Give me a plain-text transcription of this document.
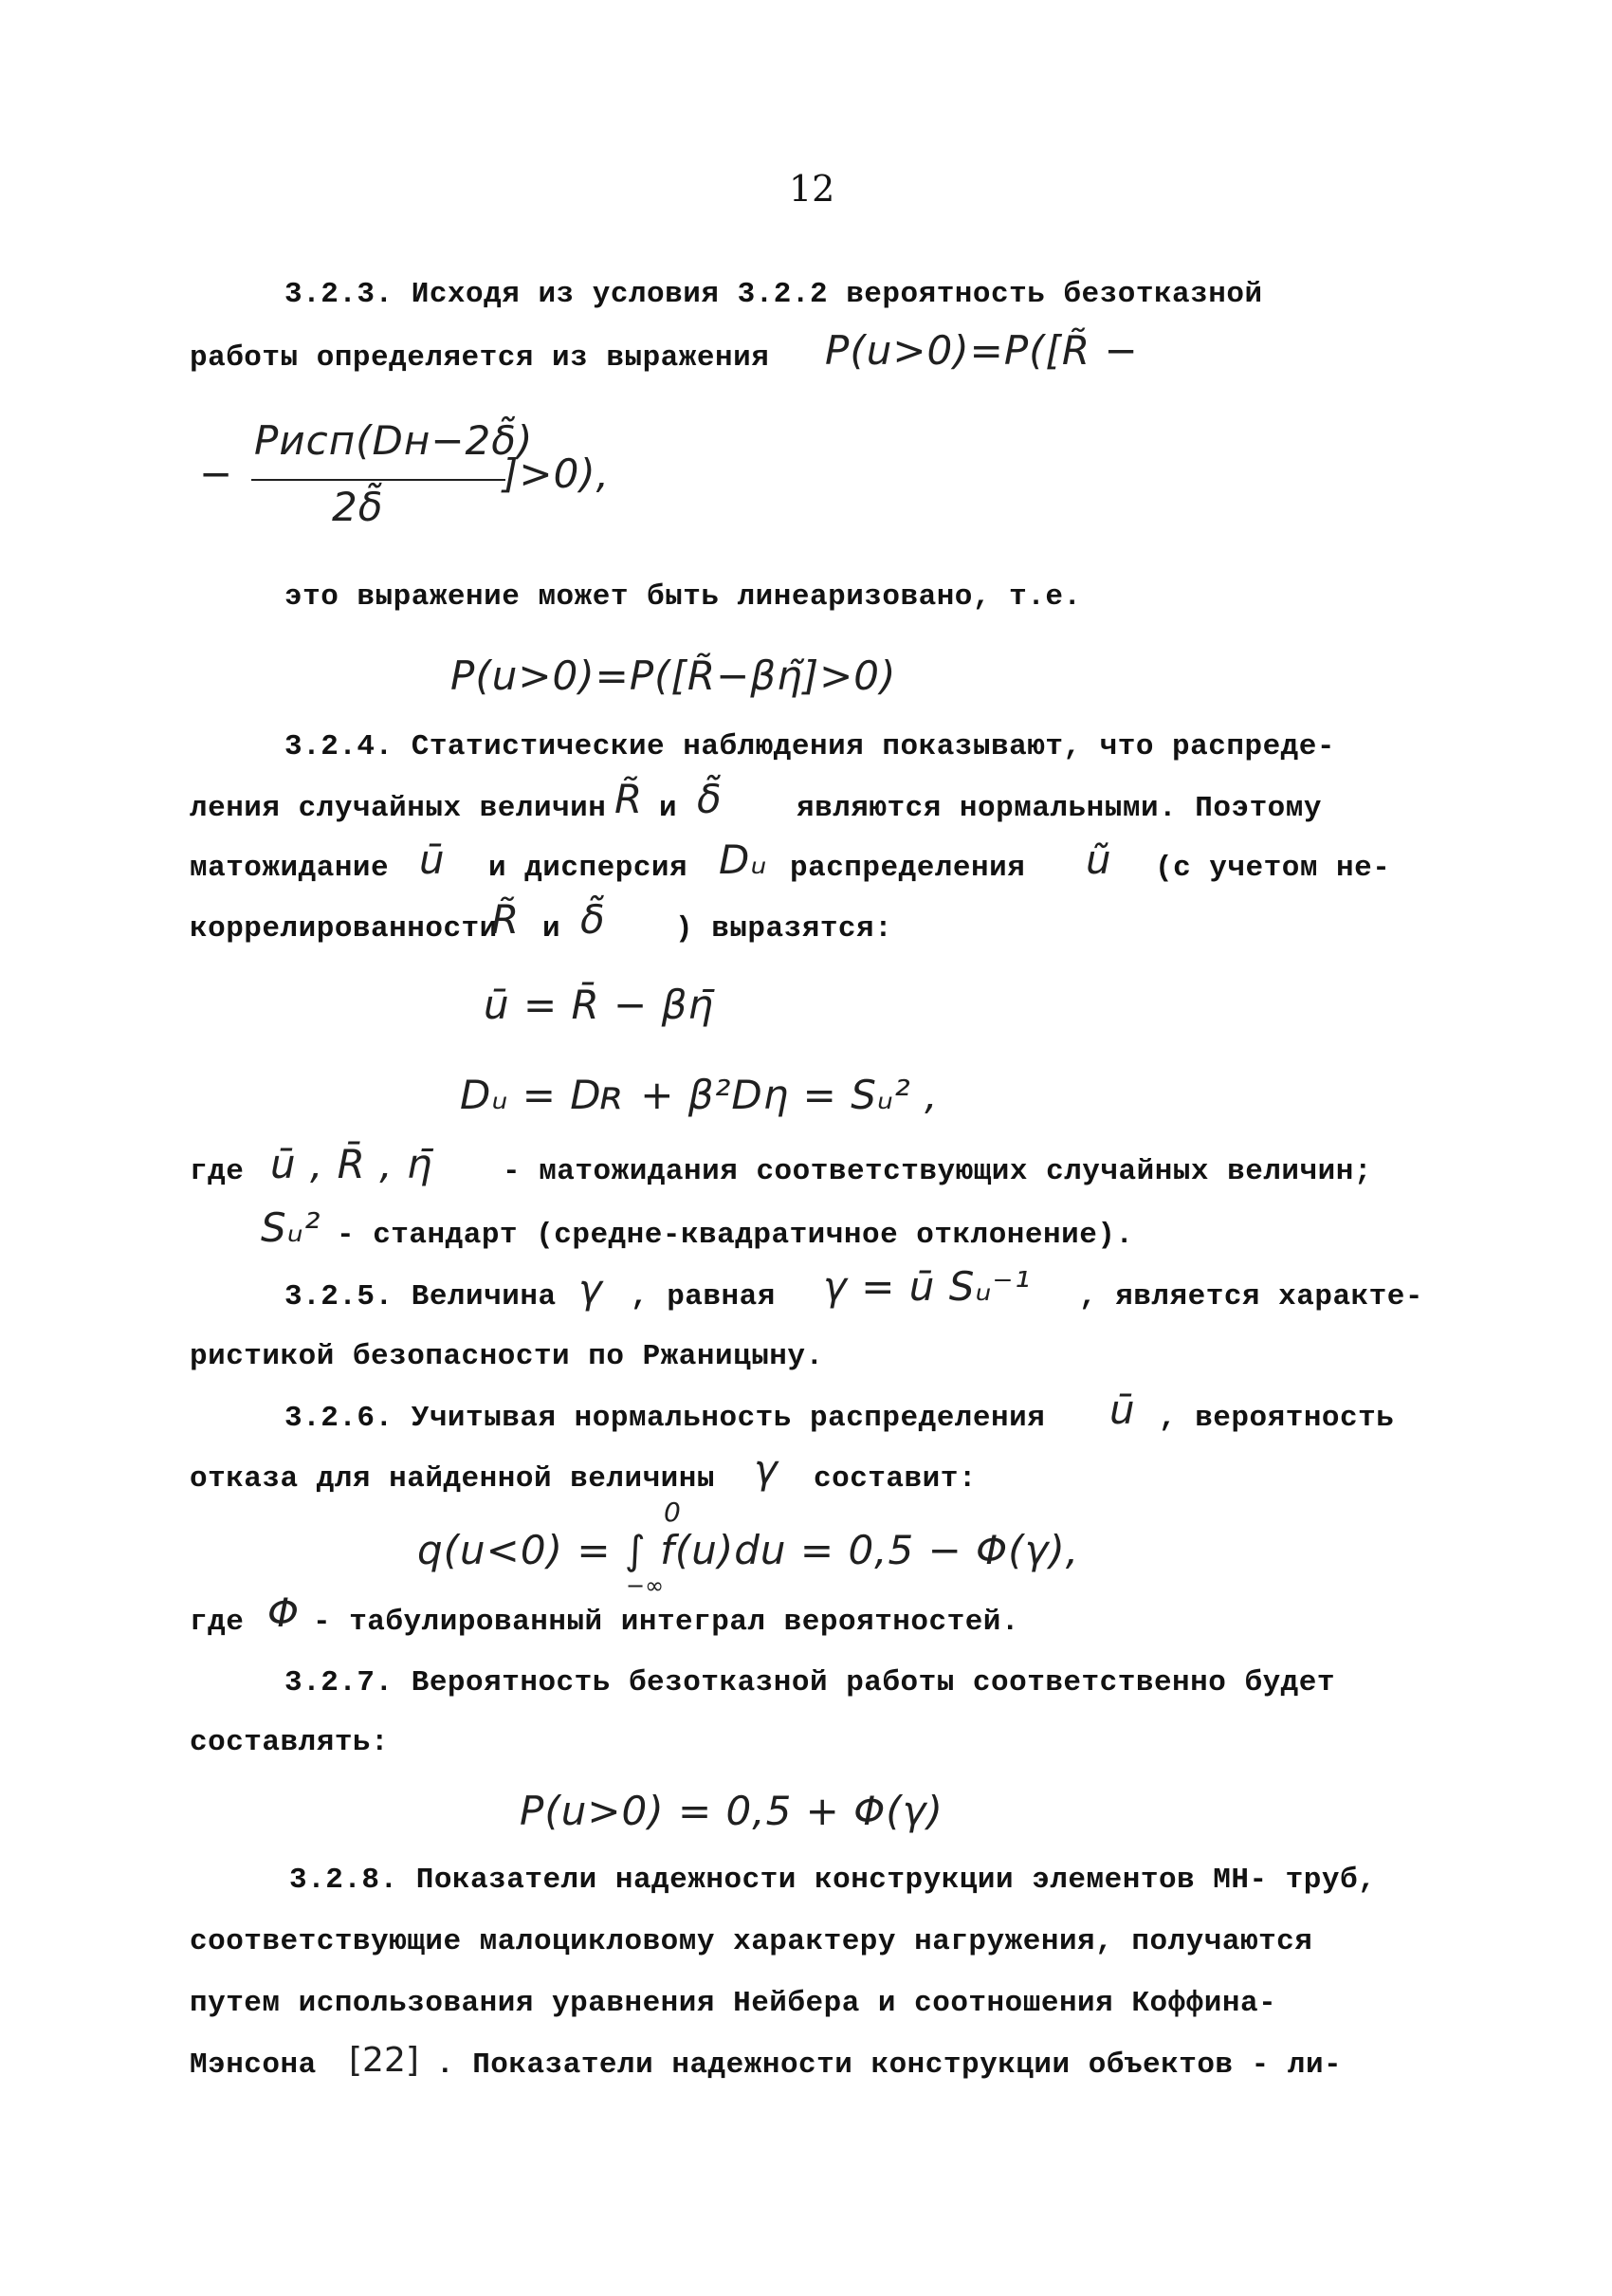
12
3.2.3. Исходя из условия 3.2.2 вероятность безотказной
работы определяется из выражения P(u>0)=P([R̃ −
−
Pисп(Dн−2δ̃)
2δ̃
]>0),
это выражение может быть линеаризовано, т.е.
P(u>0)=P([R̃−βη̃]>0)
3.2.4. Статистические наблюдения показывают, что распреде-
ления случайных величин R̃ и δ̃	являются нормальными. Поэтому
матожидание ū и дисперсия Dᵤ распределения ũ (с учетом не-
коррелированности
R̃ и δ̃ ) выразятся:
ū = R̄ − βη̄
Dᵤ = Dʀ + β²Dη = Sᵤ² ,
где ū , R̄ , η̄ - матожидания соответствующих случайных величин;
Sᵤ² - стандарт (средне-квадратичное отклонение).
3.2.5. Величина γ , равная γ = ū Sᵤ⁻¹ , является характе-
ристикой безопасности по Ржаницыну.
3.2.6. Учитывая нормальность распределения ū , вероятность
отказа для найденной величины γ составит:
0
q(u<0) = ∫ f(u)du = 0,5 − Φ(γ),
−∞
где Φ - табулированный интеграл вероятностей.
3.2.7. Вероятность безотказной работы соответственно будет
составлять:
P(u>0) = 0,5 + Φ(γ)
3.2.8. Показатели надежности конструкции элементов МН- труб,
соответствующие малоцикловому характеру нагружения, получаются
путем использования уравнения Нейбера и соотношения Коффина-
Мэнсона [22] . Показатели надежности конструкции объектов - ли-
